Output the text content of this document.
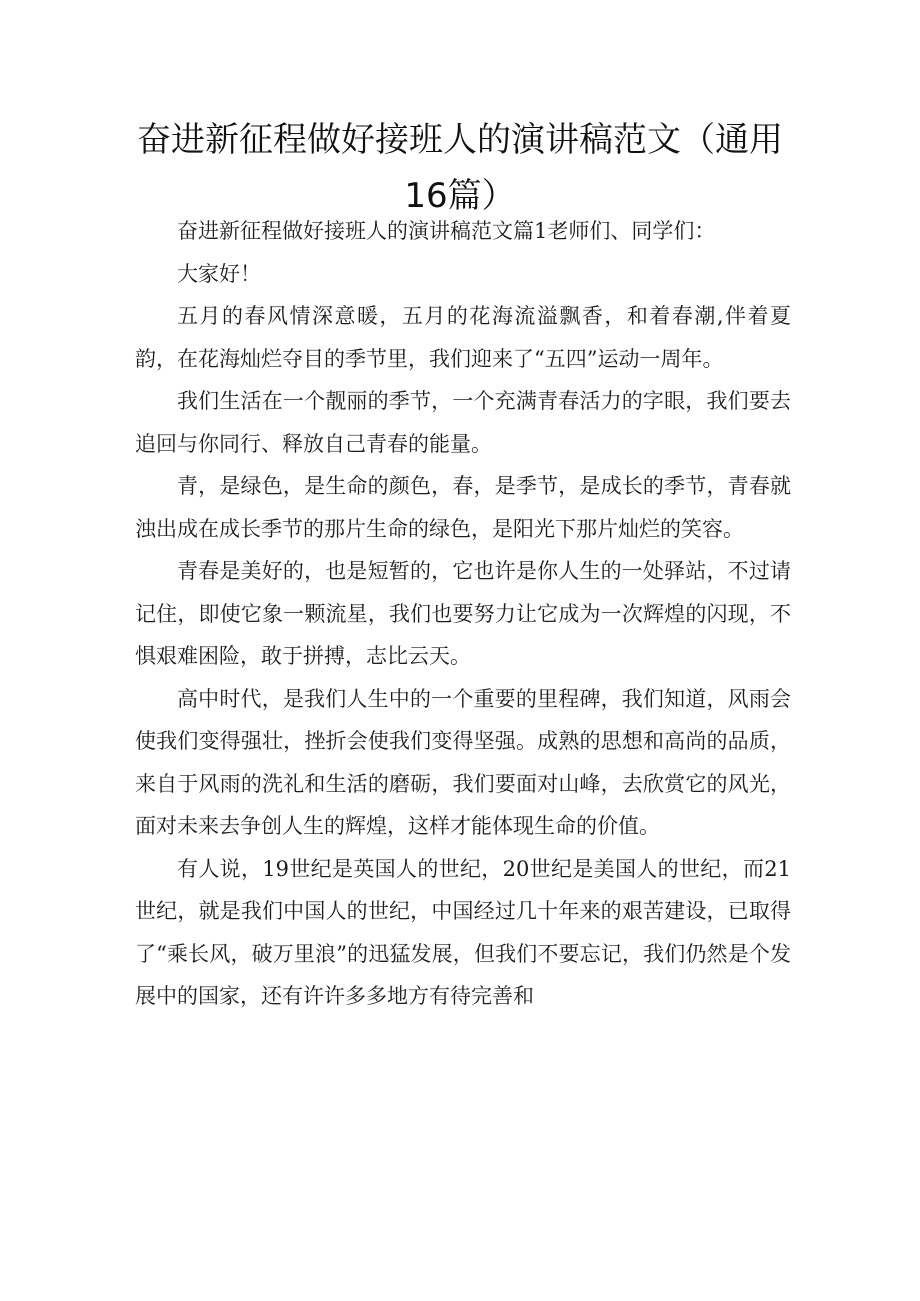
奋进新征程做好接班人的演讲稿范文（通用16篇）

奋进新征程做好接班人的演讲稿范文篇1老师们、同学们：

大家好！

五月的春风情深意暖，五月的花海流溢飘香，和着春潮,伴着夏韵，在花海灿烂夺目的季节里，我们迎来了“五四”运动一周年。

我们生活在一个靓丽的季节，一个充满青春活力的字眼，我们要去追回与你同行、释放自己青春的能量。

青，是绿色，是生命的颜色，春，是季节，是成长的季节，青春就浊出成在成长季节的那片生命的绿色，是阳光下那片灿烂的笑容。

青春是美好的，也是短暂的，它也许是你人生的一处驿站，不过请记住，即使它象一颗流星，我们也要努力让它成为一次辉煌的闪现，不惧艰难困险，敢于拼搏，志比云天。

高中时代，是我们人生中的一个重要的里程碑，我们知道，风雨会使我们变得强壮，挫折会使我们变得坚强。成熟的思想和高尚的品质，来自于风雨的洗礼和生活的磨砺，我们要面对山峰，去欣赏它的风光，面对未来去争创人生的辉煌，这样才能体现生命的价值。

有人说，19世纪是英国人的世纪，20世纪是美国人的世纪，而21世纪，就是我们中国人的世纪，中国经过几十年来的艰苦建设，已取得了“乘长风，破万里浪”的迅猛发展，但我们不要忘记，我们仍然是个发展中的国家，还有许许多多地方有待完善和
